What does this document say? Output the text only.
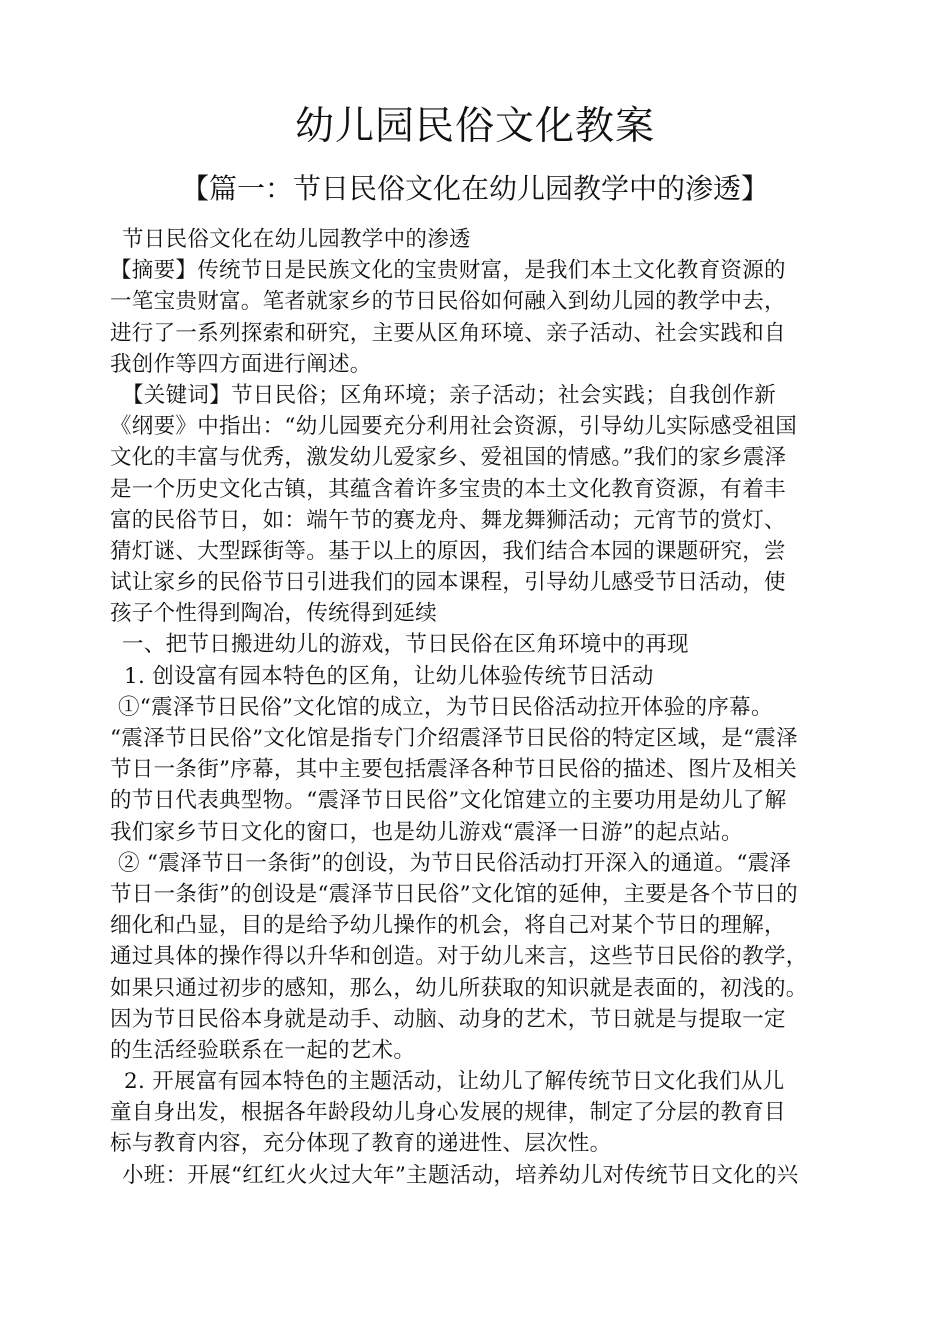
幼儿园民俗文化教案
【篇一：节日民俗文化在幼儿园教学中的渗透】
节日民俗文化在幼儿园教学中的渗透
【摘要】传统节日是民族文化的宝贵财富，是我们本土文化教育资源的
一笔宝贵财富。笔者就家乡的节日民俗如何融入到幼儿园的教学中去，
进行了一系列探索和研究，主要从区角环境、亲子活动、社会实践和自
我创作等四方面进行阐述。
【关键词】节日民俗；区角环境；亲子活动；社会实践；自我创作新
《纲要》中指出：“幼儿园要充分利用社会资源，引导幼儿实际感受祖国
文化的丰富与优秀，激发幼儿爱家乡、爱祖国的情感。”我们的家乡震泽
是一个历史文化古镇，其蕴含着许多宝贵的本土文化教育资源，有着丰
富的民俗节日，如：端午节的赛龙舟、舞龙舞狮活动；元宵节的赏灯、
猜灯谜、大型踩街等。基于以上的原因，我们结合本园的课题研究，尝
试让家乡的民俗节日引进我们的园本课程，引导幼儿感受节日活动，使
孩子个性得到陶冶，传统得到延续
一、把节日搬进幼儿的游戏，节日民俗在区角环境中的再现
1. 创设富有园本特色的区角，让幼儿体验传统节日活动
①“震泽节日民俗”文化馆的成立，为节日民俗活动拉开体验的序幕。
“震泽节日民俗”文化馆是指专门介绍震泽节日民俗的特定区域，是“震泽
节日一条街”序幕，其中主要包括震泽各种节日民俗的描述、图片及相关
的节日代表典型物。“震泽节日民俗”文化馆建立的主要功用是幼儿了解
我们家乡节日文化的窗口，也是幼儿游戏“震泽一日游”的起点站。
② “震泽节日一条街”的创设，为节日民俗活动打开深入的通道。“震泽
节日一条街”的创设是“震泽节日民俗”文化馆的延伸，主要是各个节日的
细化和凸显，目的是给予幼儿操作的机会，将自己对某个节日的理解，
通过具体的操作得以升华和创造。对于幼儿来言，这些节日民俗的教学，
如果只通过初步的感知，那么，幼儿所获取的知识就是表面的，初浅的。
因为节日民俗本身就是动手、动脑、动身的艺术，节日就是与提取一定
的生活经验联系在一起的艺术。
2. 开展富有园本特色的主题活动，让幼儿了解传统节日文化我们从儿
童自身出发，根据各年龄段幼儿身心发展的规律，制定了分层的教育目
标与教育内容，充分体现了教育的递进性、层次性。
小班：开展“红红火火过大年”主题活动，培养幼儿对传统节日文化的兴
